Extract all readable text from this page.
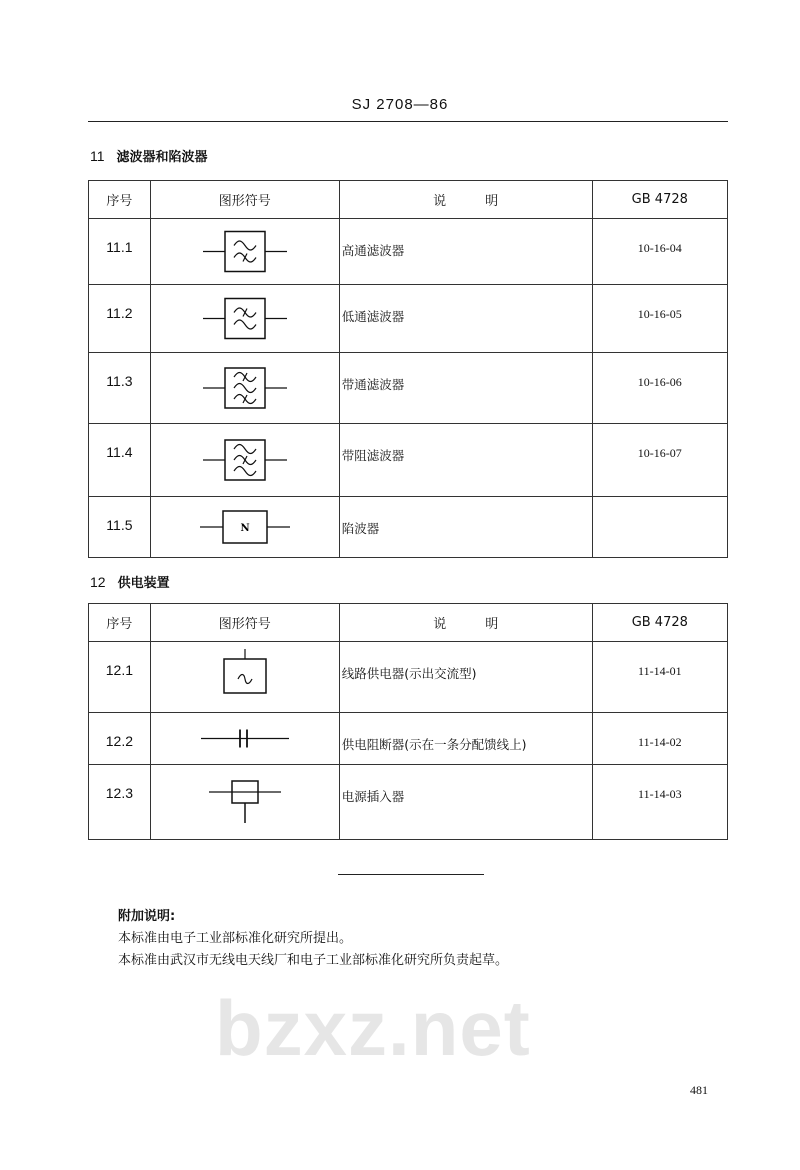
SJ 2708—86
11 滤波器和陷波器
序号	图形符号	说　　　明	GB 4728
11.1		高通滤波器	10-16-04
11.2		低通滤波器	10-16-05
11.3		带通滤波器	10-16-06
11.4		带阻滤波器	10-16-07
11.5	N	陷波器	
12 供电装置
序号	图形符号	说　　　明	GB 4728
12.1		线路供电器(示出交流型)	11-14-01
12.2		供电阻断器(示在一条分配馈线上)	11-14-02
12.3		电源插入器	11-14-03
附加说明:
本标准由电子工业部标准化研究所提出。
本标准由武汉市无线电天线厂和电子工业部标准化研究所负责起草。
bzxz.net
481
